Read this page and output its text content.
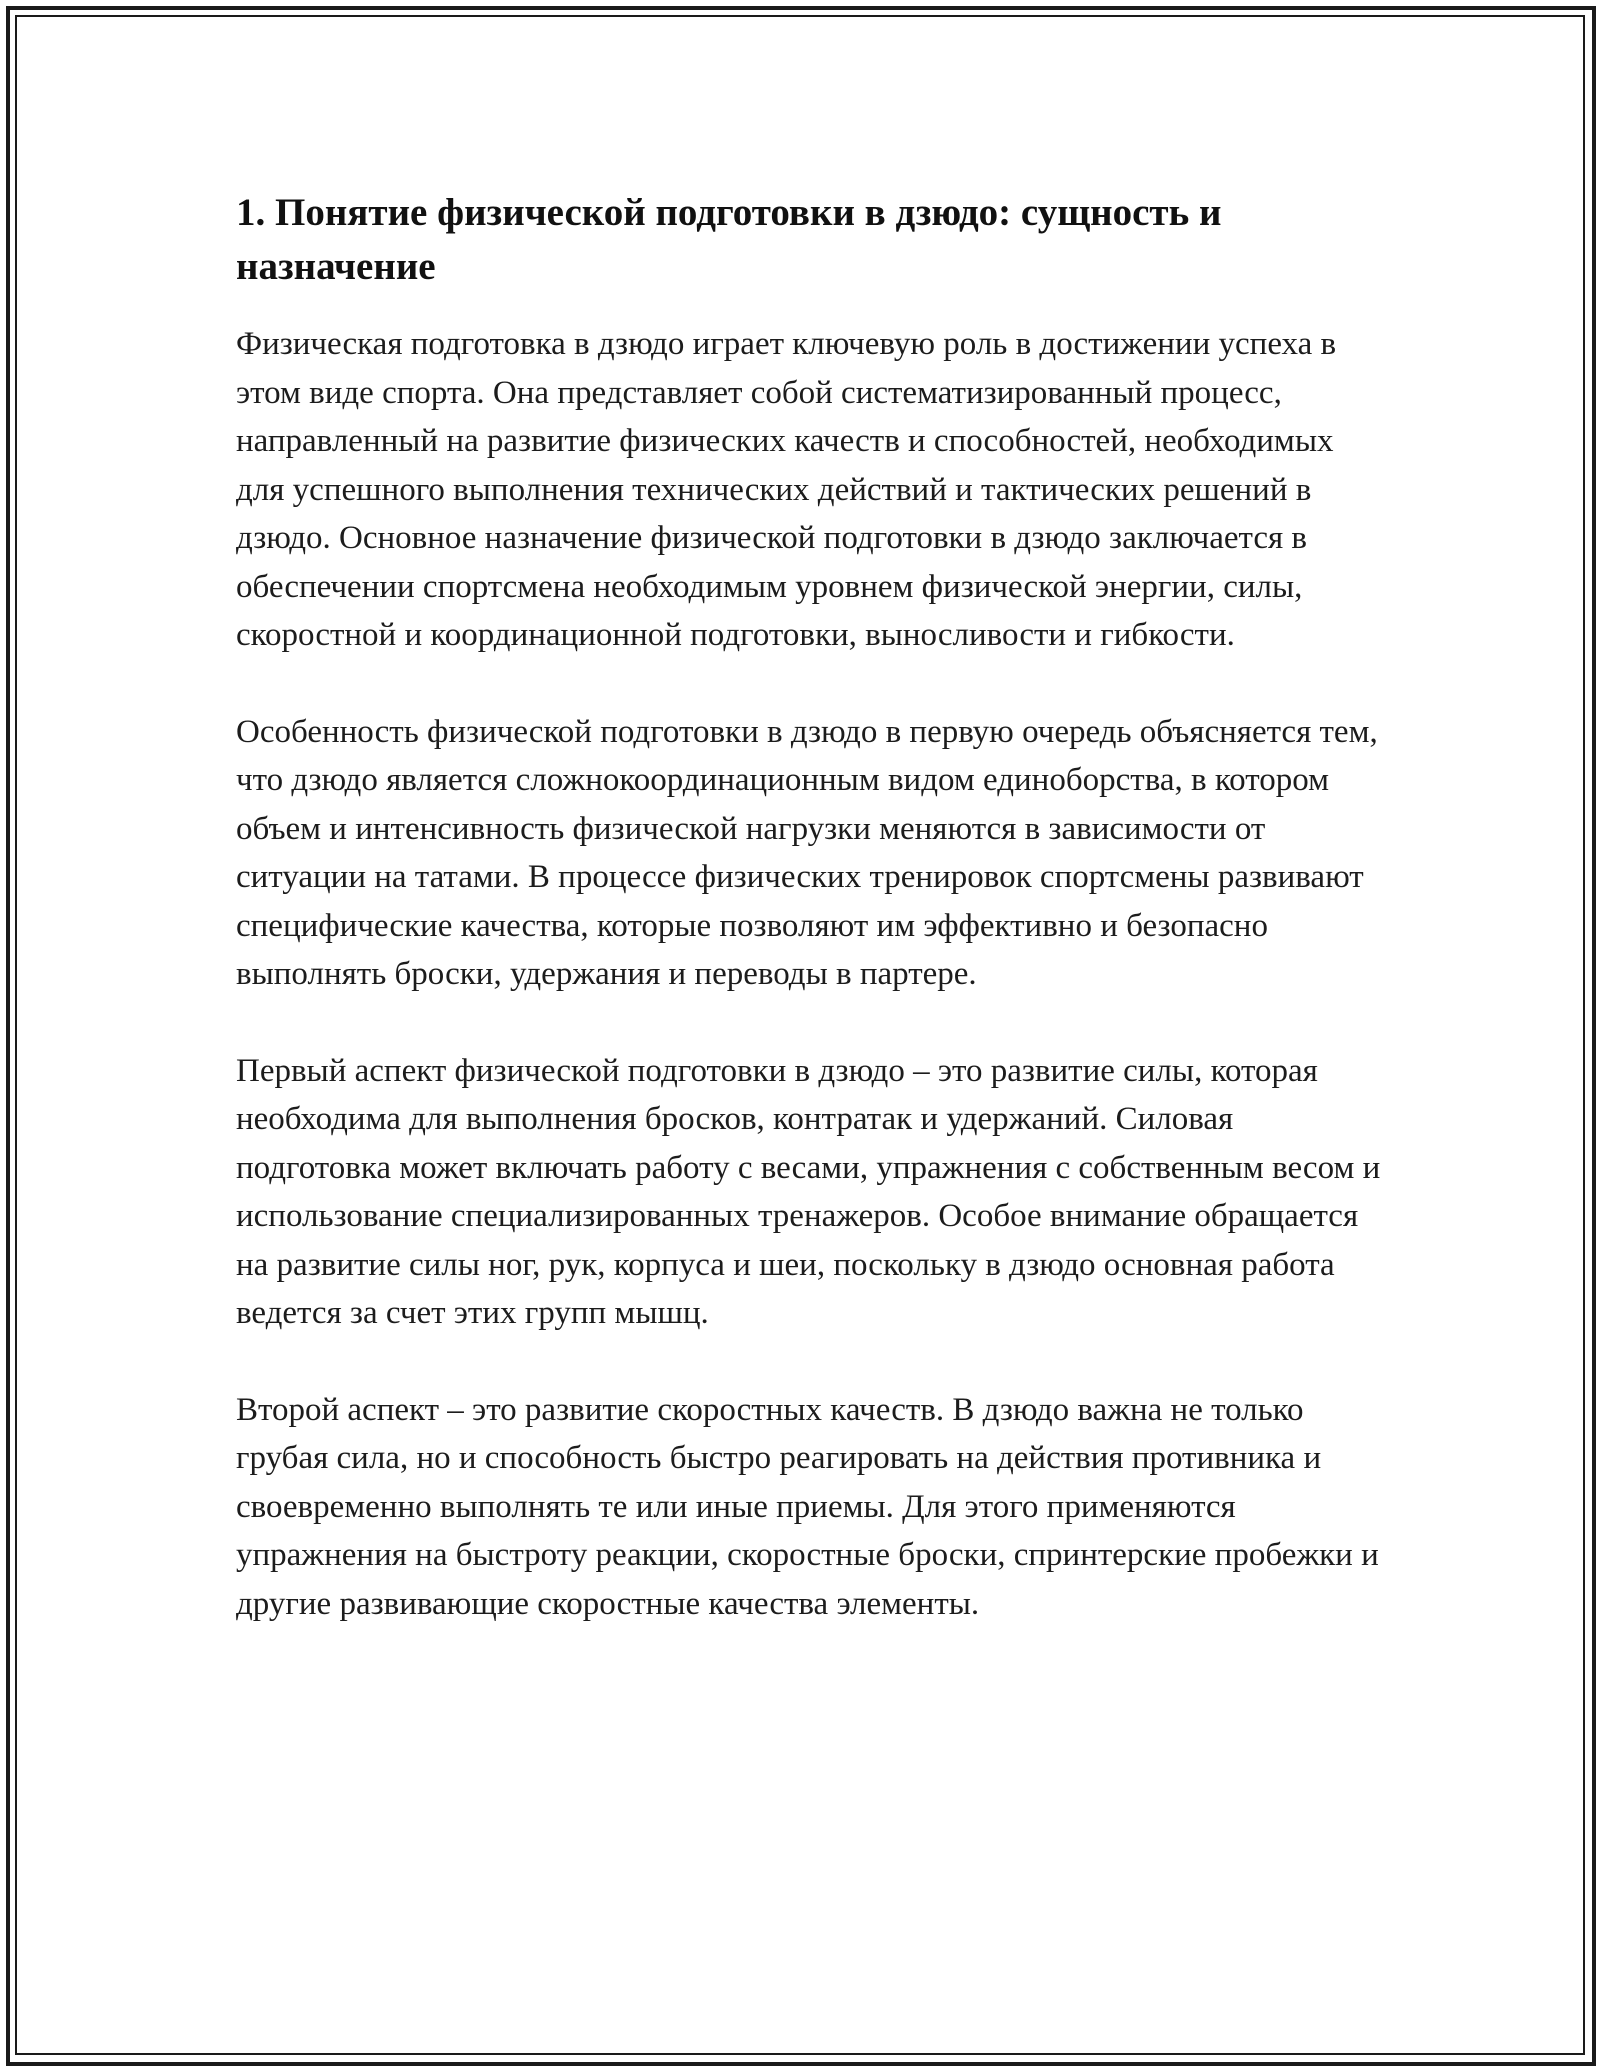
1. Понятие физической подготовки в дзюдо: сущность и назначение

Физическая подготовка в дзюдо играет ключевую роль в достижении успеха в этом виде спорта. Она представляет собой систематизированный процесс, направленный на развитие физических качеств и способностей, необходимых для успешного выполнения технических действий и тактических решений в дзюдо. Основное назначение физической подготовки в дзюдо заключается в обеспечении спортсмена необходимым уровнем физической энергии, силы, скоростной и координационной подготовки, выносливости и гибкости.

Особенность физической подготовки в дзюдо в первую очередь объясняется тем, что дзюдо является сложнокоординационным видом единоборства, в котором объем и интенсивность физической нагрузки меняются в зависимости от ситуации на татами. В процессе физических тренировок спортсмены развивают специфические качества, которые позволяют им эффективно и безопасно выполнять броски, удержания и переводы в партере.

Первый аспект физической подготовки в дзюдо – это развитие силы, которая необходима для выполнения бросков, контратак и удержаний. Силовая подготовка может включать работу с весами, упражнения с собственным весом и использование специализированных тренажеров. Особое внимание обращается на развитие силы ног, рук, корпуса и шеи, поскольку в дзюдо основная работа ведется за счет этих групп мышц.

Второй аспект – это развитие скоростных качеств. В дзюдо важна не только грубая сила, но и способность быстро реагировать на действия противника и своевременно выполнять те или иные приемы. Для этого применяются упражнения на быстроту реакции, скоростные броски, спринтерские пробежки и другие развивающие скоростные качества элементы.
